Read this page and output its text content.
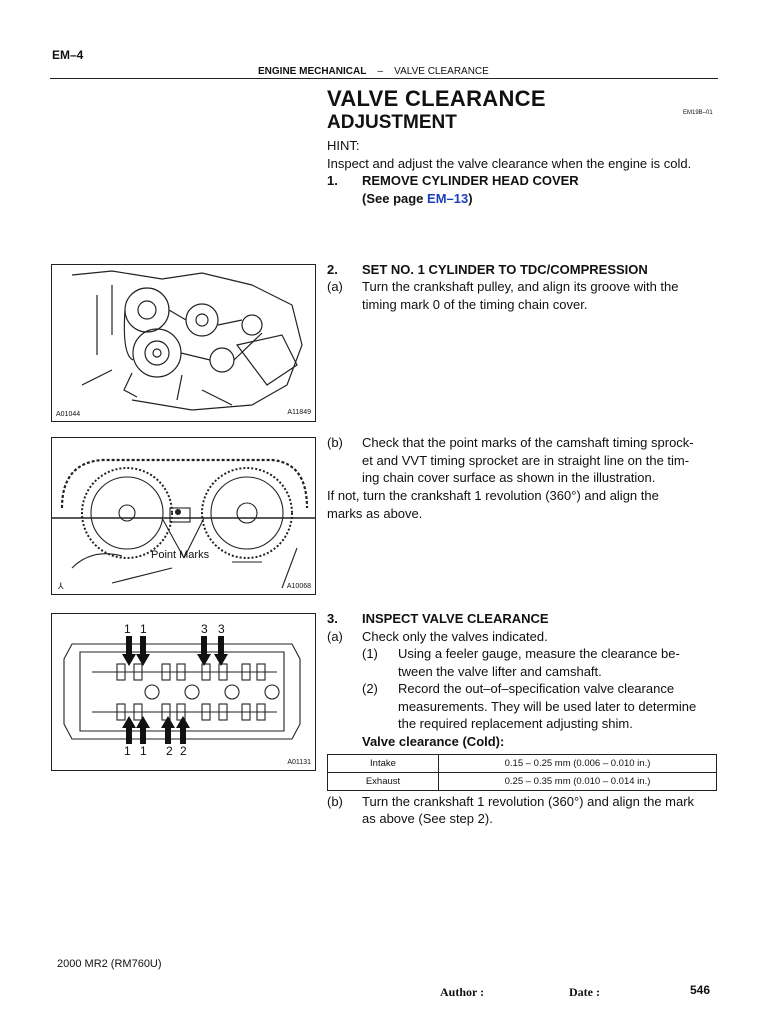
EM–4
ENGINE MECHANICAL – VALVE CLEARANCE
VALVE CLEARANCE
ADJUSTMENT	EM19B–01
HINT:
Inspect and adjust the valve clearance when the engine is cold.
1. REMOVE CYLINDER HEAD COVER
(See page EM–13)
A01044	A11849
2. SET NO. 1 CYLINDER TO TDC/COMPRESSION
(a) Turn the crankshaft pulley, and align its groove with the
timing mark 0 of the timing chain cover.
Point Marks
⅄	A10068
(b) Check that the point marks of the camshaft timing sprock-
et and VVT timing sprocket are in straight line on the tim-
ing chain cover surface as shown in the illustration.
If not, turn the crankshaft 1 revolution (360°) and align the
marks as above.
1 1	3 3
1 1 2 2
A01131
3. INSPECT VALVE CLEARANCE
(a) Check only the valves indicated.
(1) Using a feeler gauge, measure the clearance be-
tween the valve lifter and camshaft.
(2) Record the out–of–specification valve clearance
measurements. They will be used later to determine
the required replacement adjusting shim.
Valve clearance (Cold):
Intake	0.15 – 0.25 mm (0.006 – 0.010 in.)
Exhaust	0.25 – 0.35 mm (0.010 – 0.014 in.)
(b) Turn the crankshaft 1 revolution (360°) and align the mark
as above (See step 2).
2000 MR2 (RM760U)
Author :	Date :	546
